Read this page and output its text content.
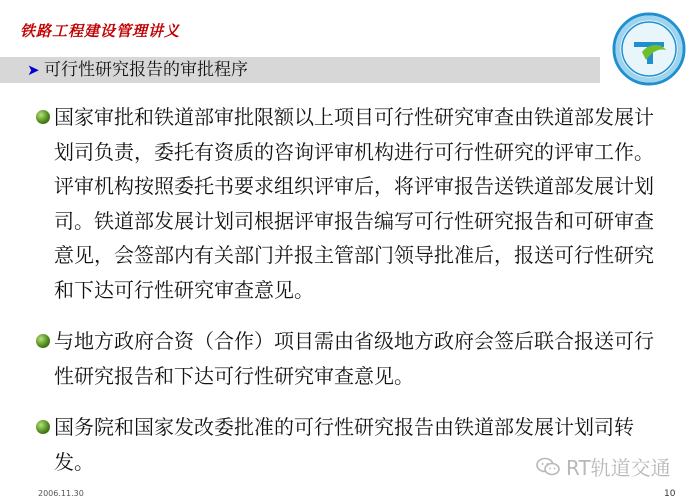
铁路工程建设管理讲义
➤ 可行性研究报告的审批程序
国家审批和铁道部审批限额以上项目可行性研究审查由铁道部发展计划司负责，委托有资质的咨询评审机构进行可行性研究的评审工作。评审机构按照委托书要求组织评审后，将评审报告送铁道部发展计划司。铁道部发展计划司根据评审报告编写可行性研究报告和可研审查意见，会签部内有关部门并报主管部门领导批准后，报送可行性研究和下达可行性研究审查意见。
与地方政府合资（合作）项目需由省级地方政府会签后联合报送可行性研究报告和下达可行性研究审查意见。
国务院和国家发改委批准的可行性研究报告由铁道部发展计划司转发。	RT轨道交通
2006.11.30	10
